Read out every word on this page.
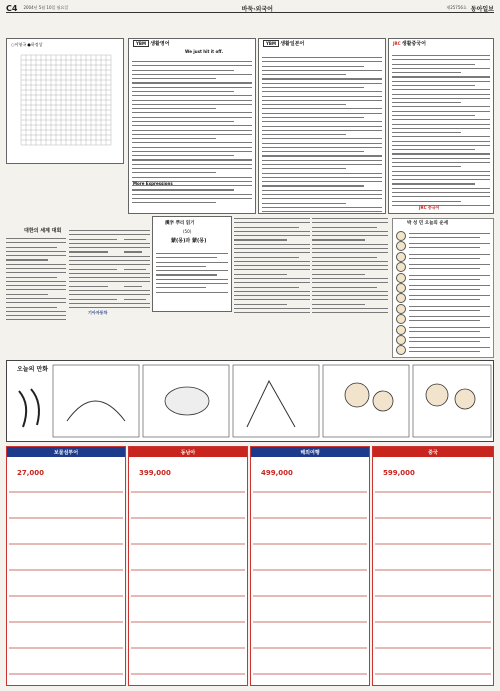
C4 2004년 5월 10일 월요일	바둑·외국어	제25756호 동아일보
○이영국 ●하정상
대한의 세계 대회
기아자동차
YBM 생활영어
We just hit it off.
More Expressions
YBM 생활일본어	JRC 생활중국어
JRC 중국어
漢字 뿌리 읽기
(50)
蒙(몽)과 蒙(몽)
박 성 민 오늘의 운세
오늘의 만화
보물섬투어
27,000
동남아
399,000
해외여행
499,000
중국
599,000
